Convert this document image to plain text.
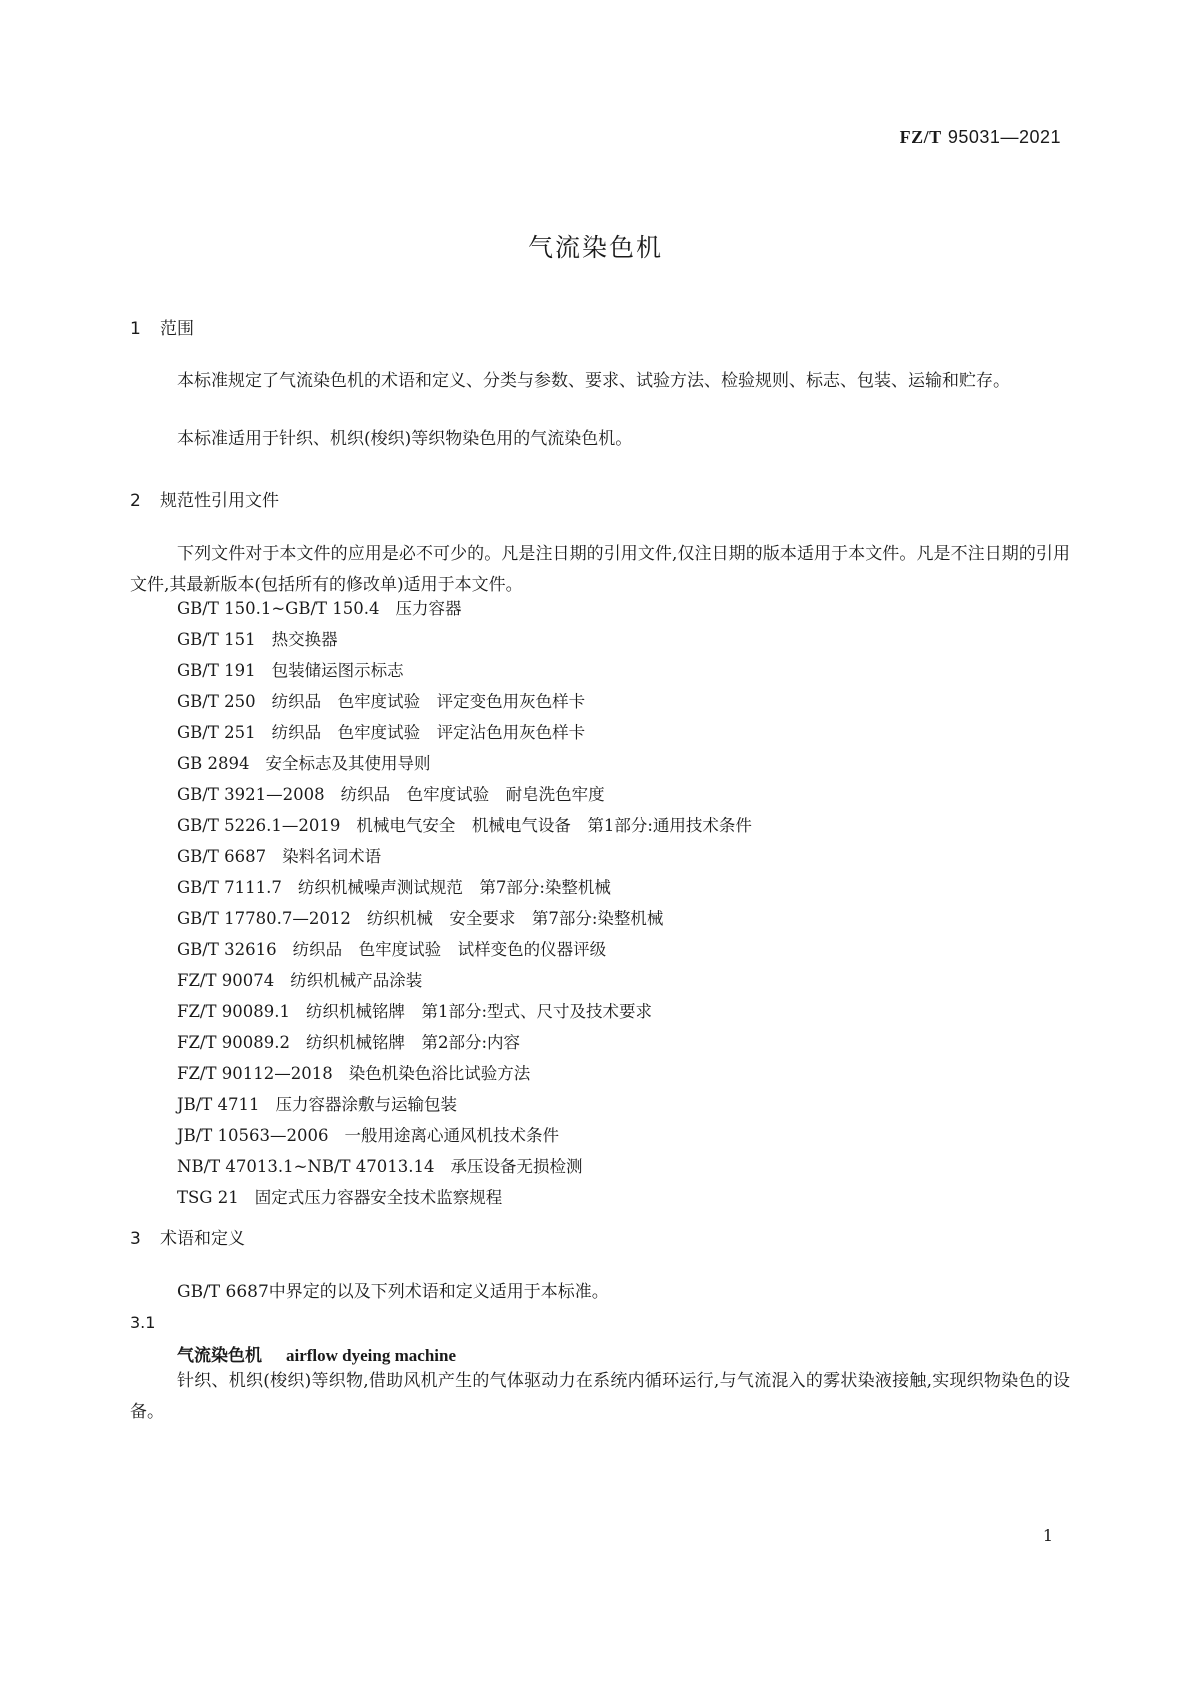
FZ/T 95031—2021
气流染色机
1 范围

本标准规定了气流染色机的术语和定义、分类与参数、要求、试验方法、检验规则、标志、包装、运输和贮存。

本标准适用于针织、机织(梭织)等织物染色用的气流染色机。

2 规范性引用文件

下列文件对于本文件的应用是必不可少的。凡是注日期的引用文件,仅注日期的版本适用于本文件。凡是不注日期的引用文件,其最新版本(包括所有的修改单)适用于本文件。

GB/T 150.1~GB/T 150.4 压力容器
GB/T 151 热交换器
GB/T 191 包装储运图示标志
GB/T 250 纺织品　色牢度试验　评定变色用灰色样卡
GB/T 251 纺织品　色牢度试验　评定沾色用灰色样卡
GB 2894 安全标志及其使用导则
GB/T 3921—2008 纺织品　色牢度试验　耐皂洗色牢度
GB/T 5226.1—2019 机械电气安全　机械电气设备　第1部分:通用技术条件
GB/T 6687 染料名词术语
GB/T 7111.7 纺织机械噪声测试规范　第7部分:染整机械
GB/T 17780.7—2012 纺织机械　安全要求　第7部分:染整机械
GB/T 32616 纺织品　色牢度试验　试样变色的仪器评级
FZ/T 90074 纺织机械产品涂装
FZ/T 90089.1 纺织机械铭牌　第1部分:型式、尺寸及技术要求
FZ/T 90089.2 纺织机械铭牌　第2部分:内容
FZ/T 90112—2018 染色机染色浴比试验方法
JB/T 4711 压力容器涂敷与运输包装
JB/T 10563—2006 一般用途离心通风机技术条件
NB/T 47013.1~NB/T 47013.14 承压设备无损检测
TSG 21 固定式压力容器安全技术监察规程
3 术语和定义

GB/T 6687中界定的以及下列术语和定义适用于本标准。

3.1
气流染色机 airflow dyeing machine

针织、机织(梭织)等织物,借助风机产生的气体驱动力在系统内循环运行,与气流混入的雾状染液接触,实现织物染色的设备。

1
